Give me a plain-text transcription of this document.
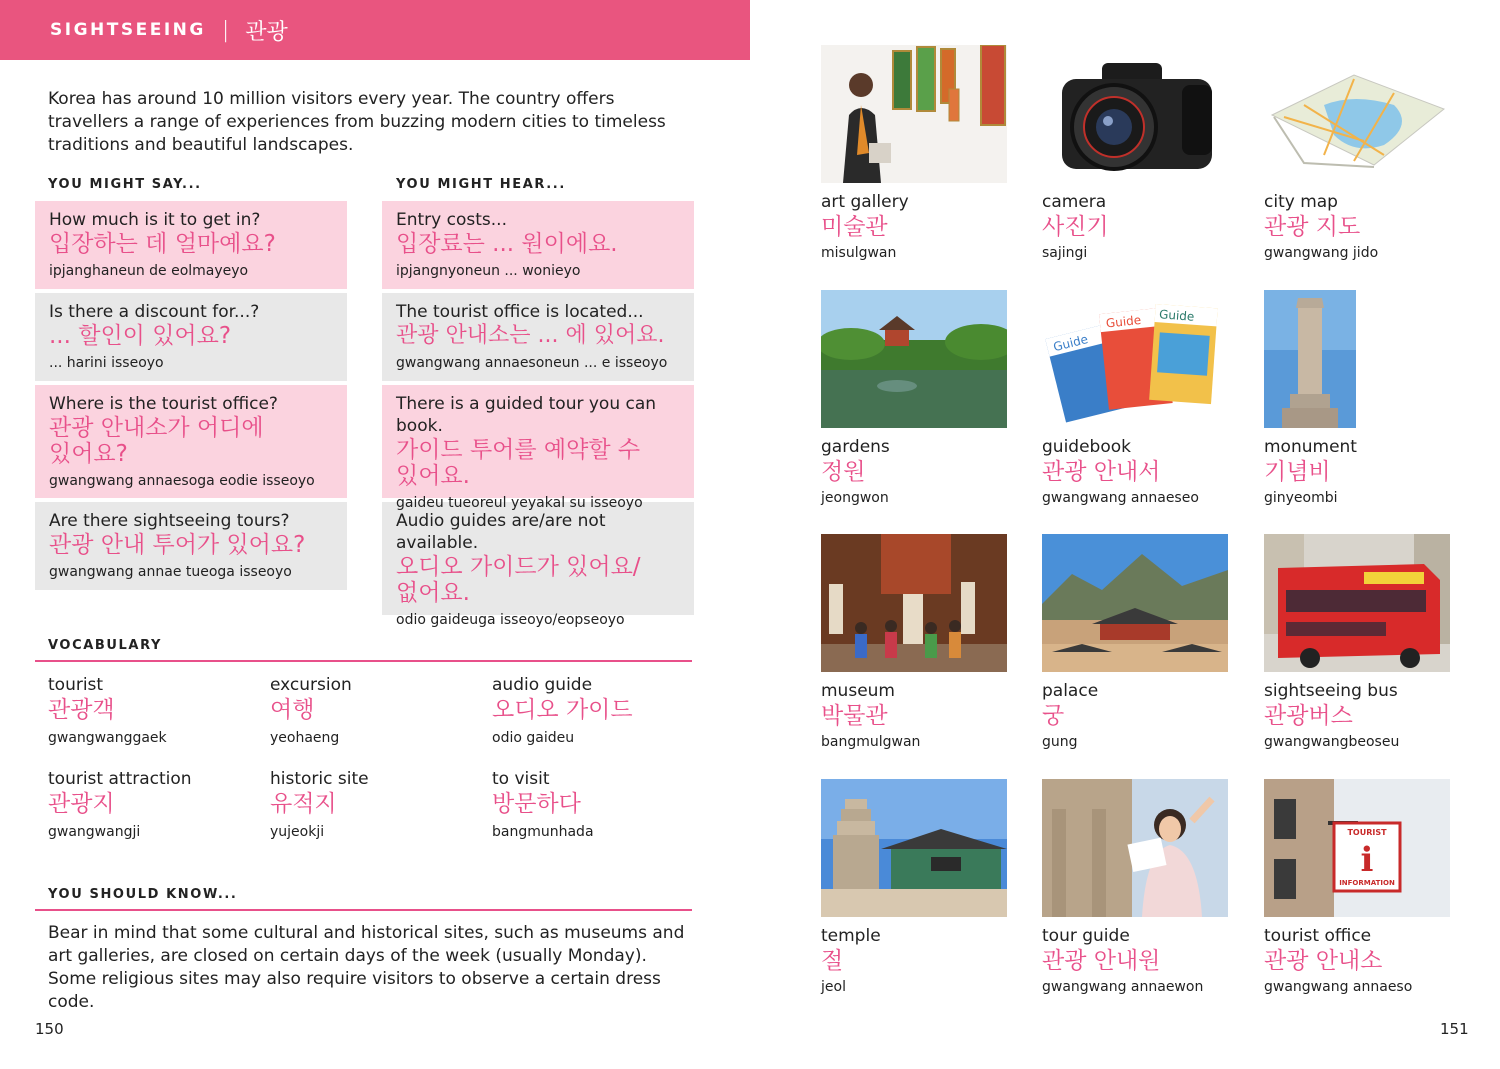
SIGHTSEEING | 관광
Korea has around 10 million visitors every year. The country offers travellers a range of experiences from buzzing modern cities to timeless traditions and beautiful landscapes.
YOU MIGHT SAY...
How much is it to get in?
입장하는 데 얼마예요?
ipjanghaneun de eolmayeyo
Is there a discount for...?
... 할인이 있어요?
... harini isseoyo
Where is the tourist office?
관광 안내소가 어디에 있어요?
gwangwang annaesoga eodie isseoyo
Are there sightseeing tours?
관광 안내 투어가 있어요?
gwangwang annae tueoga isseoyo
YOU MIGHT HEAR...
Entry costs...
입장료는 ... 원이에요.
ipjangnyoneun ... wonieyo
The tourist office is located...
관광 안내소는 ... 에 있어요.
gwangwang annaesoneun ... e isseoyo
There is a guided tour you can book.
가이드 투어를 예약할 수 있어요.
gaideu tueoreul yeyakal su isseoyo
Audio guides are/are not available.
오디오 가이드가 있어요/ 없어요.
odio gaideuga isseoyo/eopseoyo
VOCABULARY
tourist
관광객
gwangwanggaek
excursion
여행
yeohaeng
audio guide
오디오 가이드
odio gaideu
tourist attraction
관광지
gwangwangji
historic site
유적지
yujeokji
to visit
방문하다
bangmunhada
YOU SHOULD KNOW...
Bear in mind that some cultural and historical sites, such as museums and art galleries, are closed on certain days of the week (usually Monday). Some religious sites may also require visitors to observe a certain dress code.
150	151
art gallery
미술관
misulgwan
camera
사진기
sajingi
city map
관광 지도
gwangwang jido
gardens
정원
jeongwon
Guide
Guide Guide
guidebook
관광 안내서
gwangwang annaeseo
monument
기념비
ginyeombi
museum
박물관
bangmulgwan
palace
궁
gung
sightseeing bus
관광버스
gwangwangbeoseu
temple
절
jeol
tour guide
관광 안내원
gwangwang annaewon
TOURIST
i
INFORMATION
tourist office
관광 안내소
gwangwang annaeso
